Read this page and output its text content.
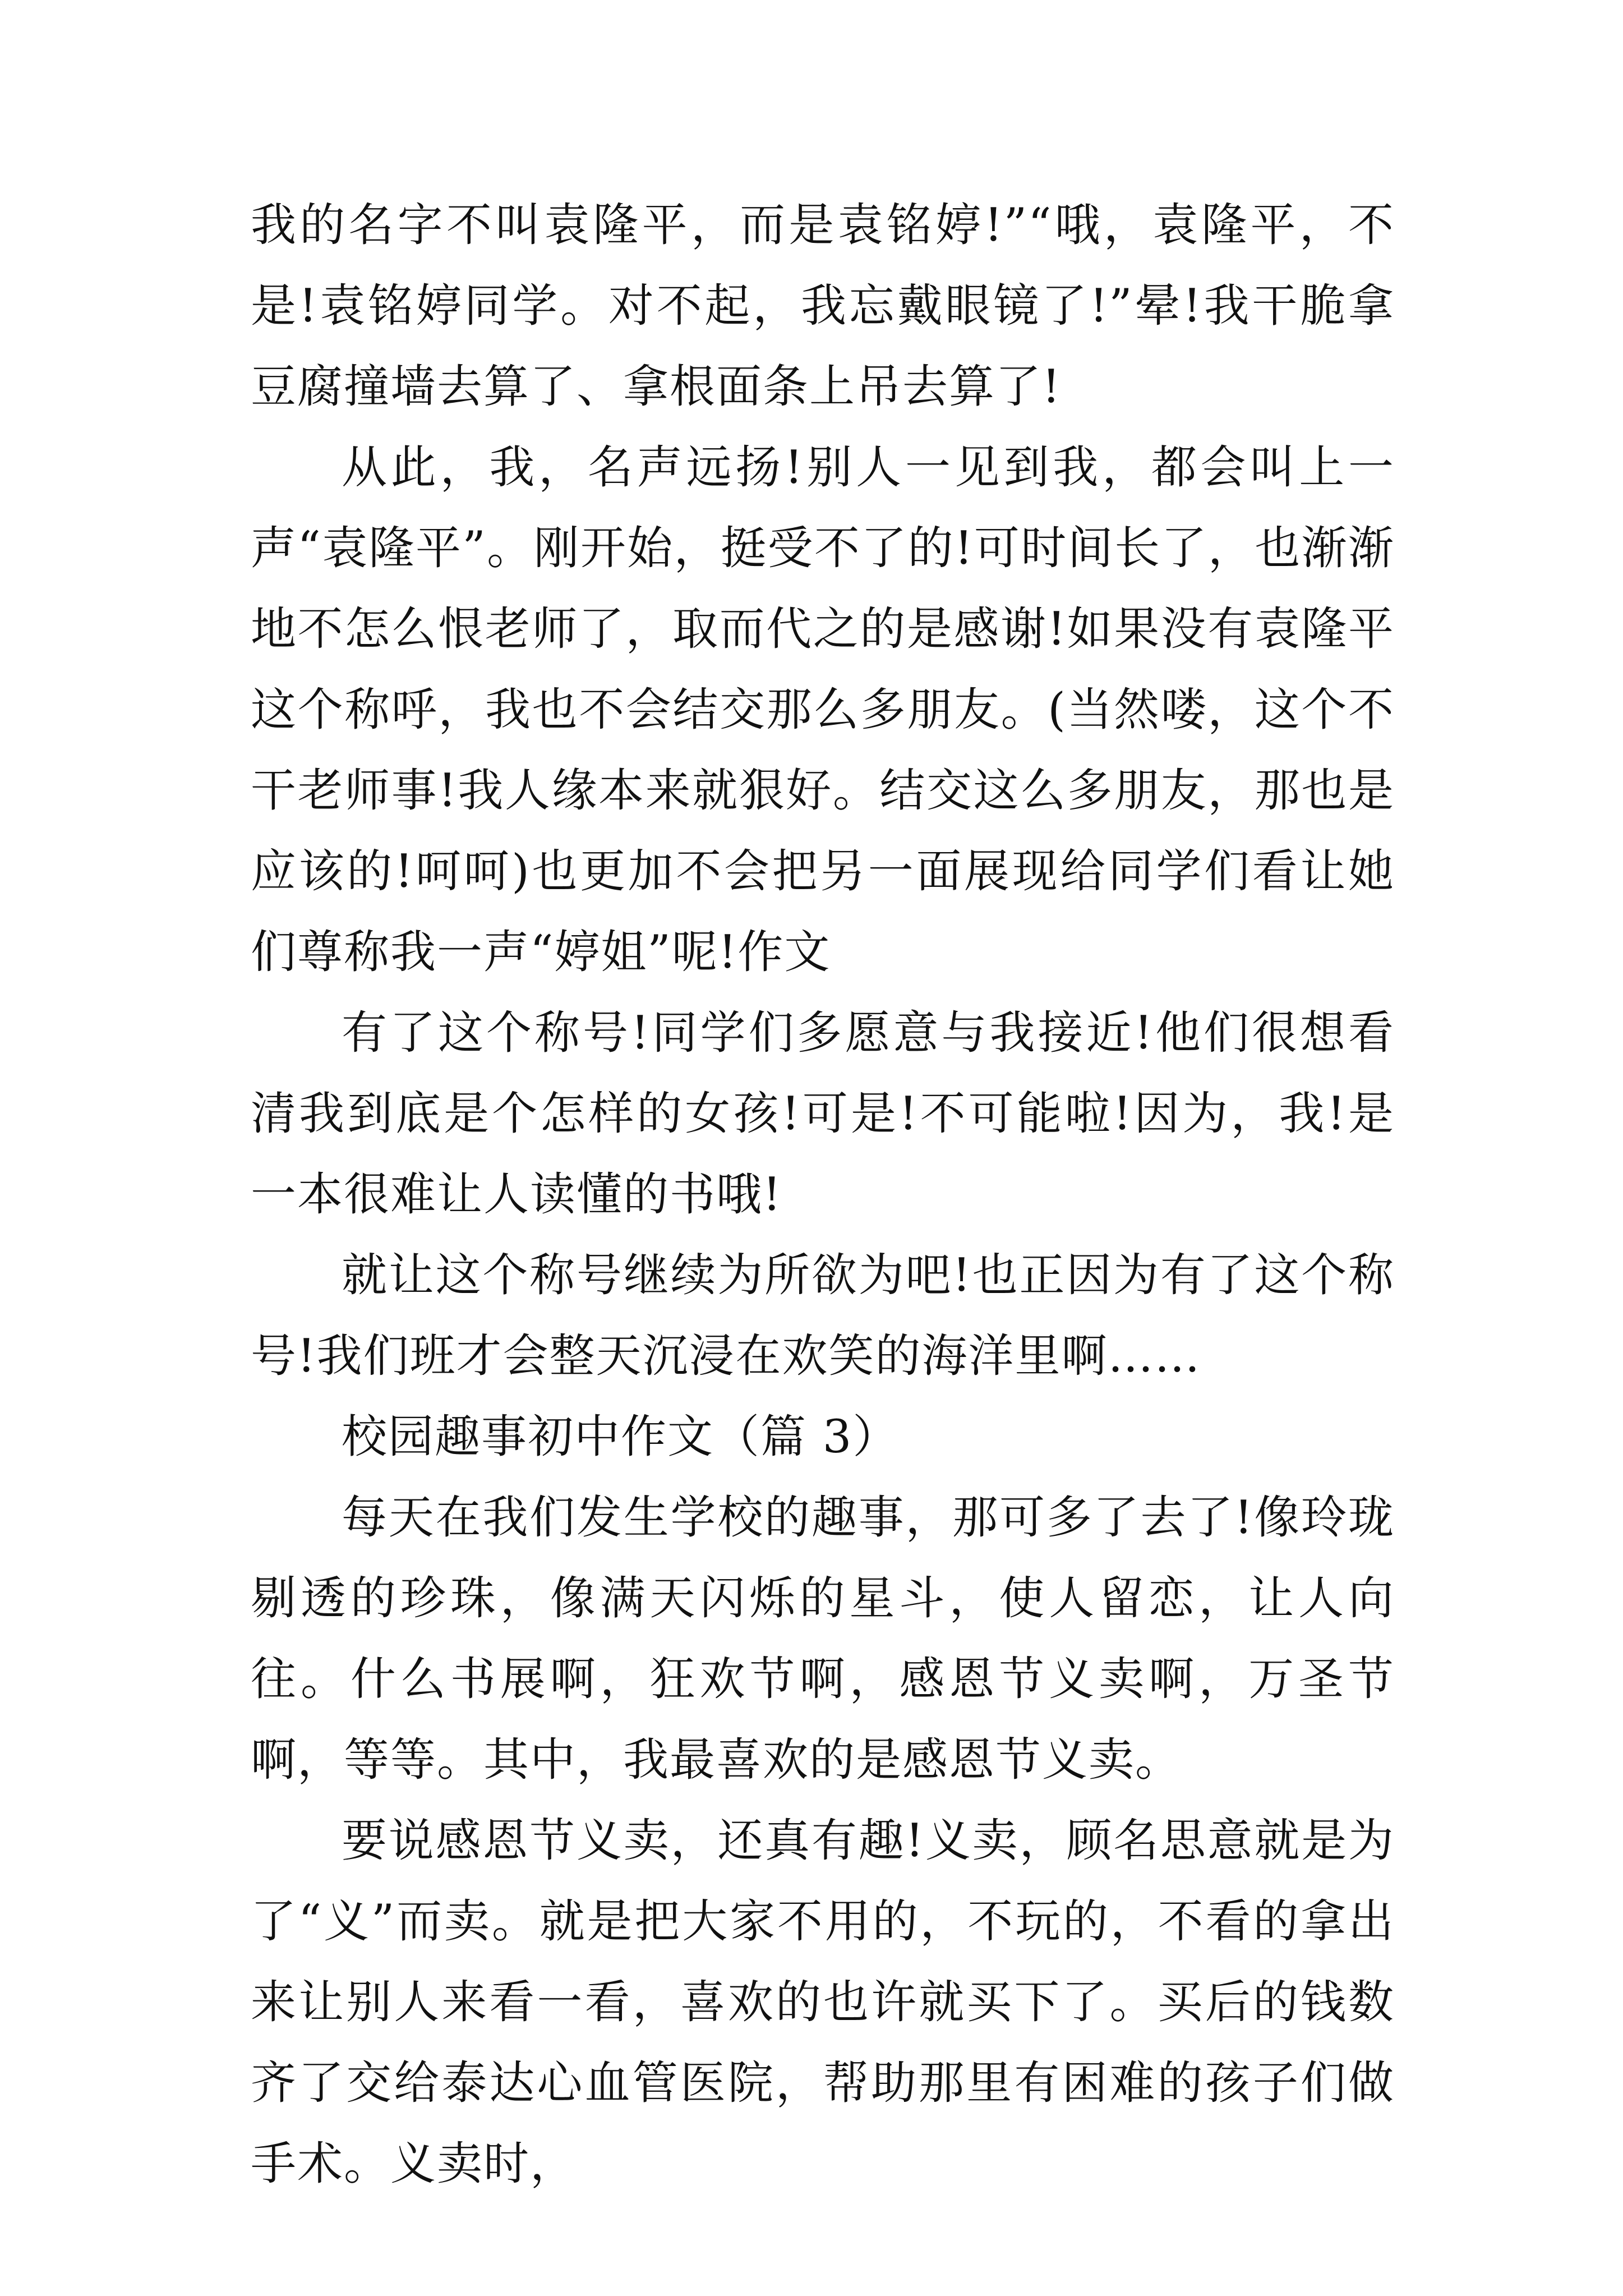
我的名字不叫袁隆平，而是袁铭婷!”“哦，袁隆平，不是!袁铭婷同学。对不起，我忘戴眼镜了!”晕!我干脆拿豆腐撞墙去算了、拿根面条上吊去算了!

从此，我，名声远扬!别人一见到我，都会叫上一声“袁隆平”。刚开始，挺受不了的!可时间长了，也渐渐地不怎么恨老师了，取而代之的是感谢!如果没有袁隆平这个称呼，我也不会结交那么多朋友。(当然喽，这个不干老师事!我人缘本来就狠好。结交这么多朋友，那也是应该的!呵呵)也更加不会把另一面展现给同学们看让她们尊称我一声“婷姐”呢!作文

有了这个称号!同学们多愿意与我接近!他们很想看清我到底是个怎样的女孩!可是!不可能啦!因为，我!是一本很难让人读懂的书哦!

就让这个称号继续为所欲为吧!也正因为有了这个称号!我们班才会整天沉浸在欢笑的海洋里啊……

校园趣事初中作文（篇 3）

每天在我们发生学校的趣事，那可多了去了!像玲珑剔透的珍珠，像满天闪烁的星斗，使人留恋，让人向往。什么书展啊，狂欢节啊，感恩节义卖啊，万圣节啊，等等。其中，我最喜欢的是感恩节义卖。

要说感恩节义卖，还真有趣!义卖，顾名思意就是为了“义”而卖。就是把大家不用的，不玩的，不看的拿出来让别人来看一看，喜欢的也许就买下了。买后的钱数齐了交给泰达心血管医院，帮助那里有困难的孩子们做手术。义卖时，
